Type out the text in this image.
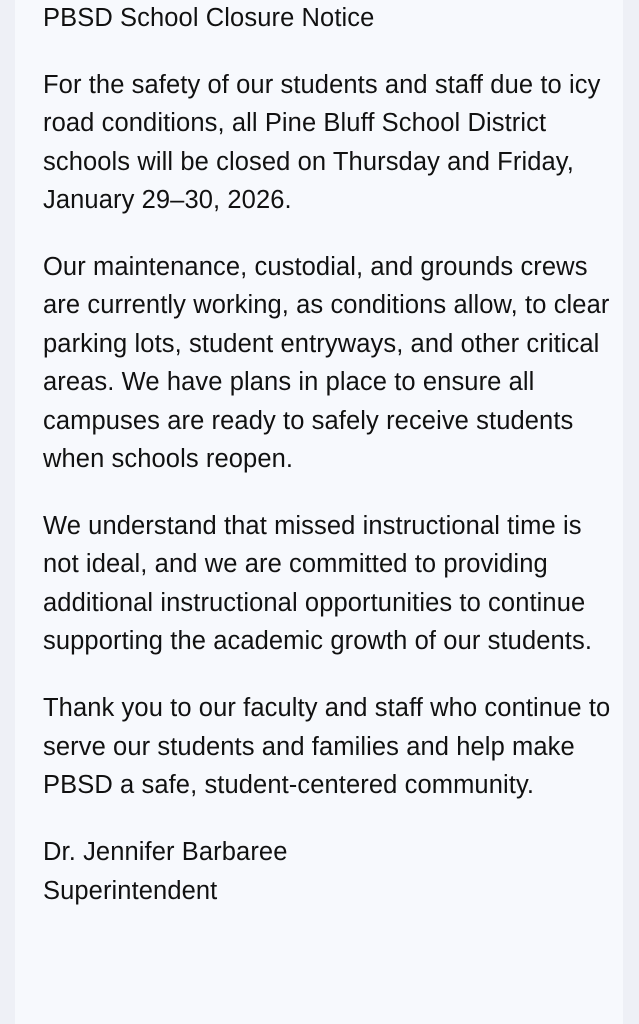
PBSD School Closure Notice

For the safety of our students and staff due to icy road conditions, all Pine Bluff School District schools will be closed on Thursday and Friday, January 29–30, 2026.

Our maintenance, custodial, and grounds crews are currently working, as conditions allow, to clear parking lots, student entryways, and other critical areas. We have plans in place to ensure all campuses are ready to safely receive students when schools reopen.

We understand that missed instructional time is not ideal, and we are committed to providing additional instructional opportunities to continue supporting the academic growth of our students.

Thank you to our faculty and staff who continue to serve our students and families and help make PBSD a safe, student-centered community.

Dr. Jennifer Barbaree
Superintendent
